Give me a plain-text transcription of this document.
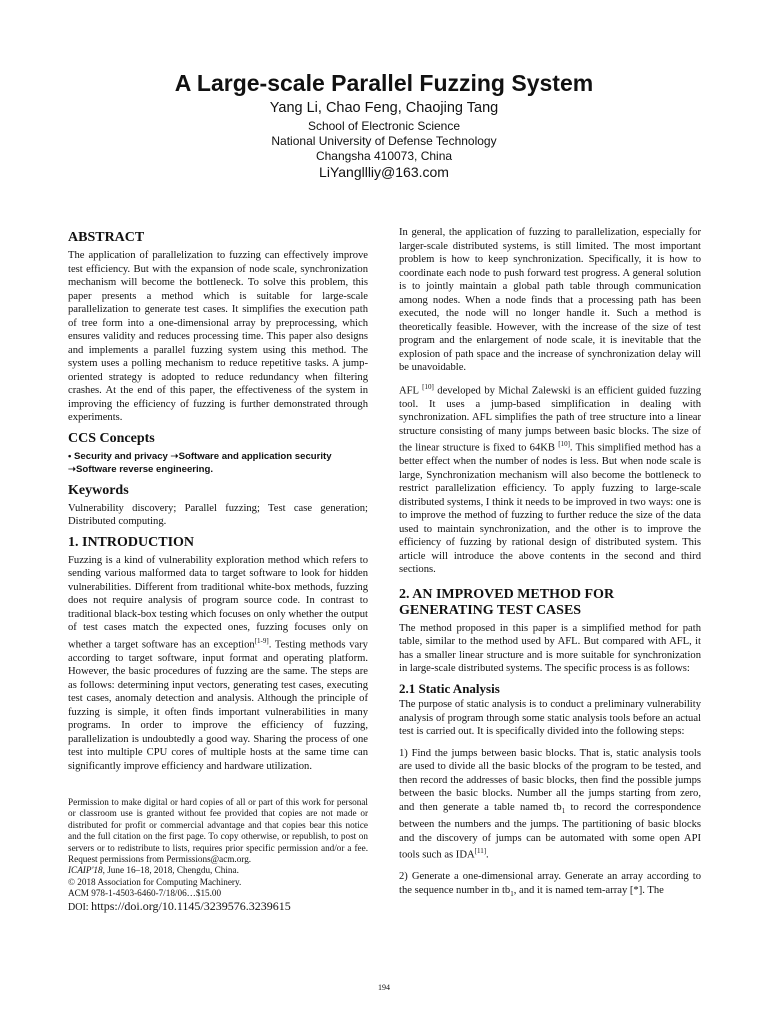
A Large-scale Parallel Fuzzing System
Yang Li, Chao Feng, Chaojing Tang
School of Electronic Science
National University of Defense Technology
Changsha 410073, China
LiYangllliy@163.com
ABSTRACT

The application of parallelization to fuzzing can effectively improve test efficiency. But with the expansion of node scale, synchronization mechanism will become the bottleneck. To solve this problem, this paper presents a method which is suitable for large-scale parallelization to generate test cases. It simplifies the execution path of tree form into a one-dimensional array by preprocessing, which ensures validity and reduces processing time. This paper also designs and implements a parallel fuzzing system using this method. The system uses a polling mechanism to reduce repetitive tasks. A jump-oriented strategy is adopted to reduce redundancy when filtering crashes. At the end of this paper, the effectiveness of the system in improving the efficiency of fuzzing is further demonstrated through experiments.

CCS Concepts
• Security and privacy ➝Software and application security
➝Software reverse engineering.
Keywords

Vulnerability discovery; Parallel fuzzing; Test case generation; Distributed computing.

1. INTRODUCTION

Fuzzing is a kind of vulnerability exploration method which refers to sending various malformed data to target software to look for hidden vulnerabilities. Different from traditional white-box methods, fuzzing does not require analysis of program source code. In contrast to traditional black-box testing which focuses on only whether the output of test cases match the expected ones, fuzzing focuses only on whether a target software has an exception[1-9]. Testing methods vary according to target software, input format and operating platform. However, the basic procedures of fuzzing are the same. The steps are as follows: determining input vectors, generating test cases, executing test cases, anomaly detection and analysis. Although the principle of fuzzing is simple, it often finds important vulnerabilities in many programs. In order to improve the efficiency of fuzzing, parallelization is undoubtedly a good way. Sharing the process of one test into multiple CPU cores of multiple hosts at the same time can significantly improve efficiency and hardware utilization.

Permission to make digital or hard copies of all or part of this work for personal or classroom use is granted without fee provided that copies are not made or distributed for profit or commercial advantage and that copies bear this notice and the full citation on the first page. To copy otherwise, or republish, to post on servers or to redistribute to lists, requires prior specific permission and/or a fee. Request permissions from Permissions@acm.org.

ICAIP'18, June 16–18, 2018, Chengdu, China.

© 2018 Association for Computing Machinery.

ACM 978-1-4503-6460-7/18/06…$15.00

DOI: https://doi.org/10.1145/3239576.3239615

In general, the application of fuzzing to parallelization, especially for larger-scale distributed systems, is still limited. The most important problem is how to keep synchronization. Specifically, it is how to coordinate each node to push forward test progress. A general solution is to jointly maintain a global path table through communication among nodes. When a node finds that a processing path has been executed, the node will no longer handle it. Such a method is theoretically feasible. However, with the increase of the size of test program and the enlargement of node scale, it is inevitable that the explosion of path space and the increase of synchronization delay will be unavoidable.

AFL [10] developed by Michal Zalewski is an efficient guided fuzzing tool. It uses a jump-based simplification in dealing with synchronization. AFL simplifies the path of tree structure into a linear structure consisting of many jumps between basic blocks. The size of the linear structure is fixed to 64KB [10]. This simplified method has a better effect when the number of nodes is less. But when node scale is large, Synchronization mechanism will also become the bottleneck to restrict parallelization efficiency. To apply fuzzing to large-scale distributed systems, I think it needs to be improved in two ways: one is to improve the method of fuzzing to further reduce the size of the data used to maintain synchronization, and the other is to improve the efficiency of fuzzing by rational design of distributed system. This article will introduce the above contents in the second and third sections.

2. AN IMPROVED METHOD FOR
GENERATING TEST CASES

The method proposed in this paper is a simplified method for path table, similar to the method used by AFL. But compared with AFL, it has a smaller linear structure and is more suitable for synchronization in large-scale distributed systems. The specific process is as follows:

2.1 Static Analysis

The purpose of static analysis is to conduct a preliminary vulnerability analysis of program through some static analysis tools before an actual test is carried out. It is specifically divided into the following steps:

1) Find the jumps between basic blocks. That is, static analysis tools are used to divide all the basic blocks of the program to be tested, and then record the addresses of basic blocks, then find the possible jumps between the basic blocks. Number all the jumps starting from zero, and then generate a table named $tb_1$ to record the correspondence between the numbers and the jumps. The partitioning of basic blocks and the discovery of jumps can be automated with some open API tools such as IDA[11].

2) Generate a one-dimensional array. Generate an array according to the sequence number in $tb_1$, and it is named tem-array [*]. The

194
